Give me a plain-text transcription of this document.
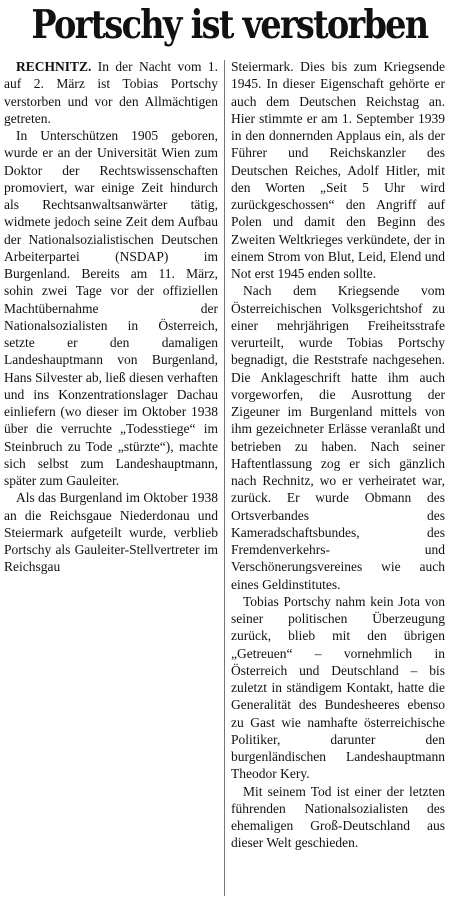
Portschy ist verstorben

RECHNITZ. In der Nacht vom 1. auf 2. März ist Tobias Portschy verstorben und vor den Allmächtigen getreten.

In Unterschützen 1905 geboren, wurde er an der Universität Wien zum Doktor der Rechtswissenschaften promoviert, war einige Zeit hindurch als Rechtsanwaltsanwärter tätig, widmete jedoch seine Zeit dem Aufbau der Nationalsozialistischen Deutschen Arbeiterpartei (NSDAP) im Burgenland. Bereits am 11. März, sohin zwei Tage vor der offiziellen Machtübernahme der Nationalsozialisten in Österreich, setzte er den damaligen Landeshauptmann von Burgenland, Hans Silvester ab, ließ diesen verhaften und ins Konzentrationslager Dachau einliefern (wo dieser im Oktober 1938 über die verruchte „Todesstiege“ im Steinbruch zu Tode „stürzte“), machte sich selbst zum Landeshauptmann, später zum Gauleiter.

Als das Burgenland im Oktober 1938 an die Reichsgaue Niederdonau und Steiermark aufgeteilt wurde, verblieb Portschy als Gauleiter-Stellvertreter im Reichsgau

Steiermark. Dies bis zum Kriegsende 1945. In dieser Eigenschaft gehörte er auch dem Deutschen Reichstag an. Hier stimmte er am 1. September 1939 in den donnernden Applaus ein, als der Führer und Reichskanzler des Deutschen Reiches, Adolf Hitler, mit den Worten „Seit 5 Uhr wird zurückgeschossen“ den Angriff auf Polen und damit den Beginn des Zweiten Weltkrieges verkündete, der in einem Strom von Blut, Leid, Elend und Not erst 1945 enden sollte.

Nach dem Kriegsende vom Österreichischen Volksgerichtshof zu einer mehrjährigen Freiheitsstrafe verurteilt, wurde Tobias Portschy begnadigt, die Reststrafe nachgesehen. Die Anklageschrift hatte ihm auch vorgeworfen, die Ausrottung der Zigeuner im Burgenland mittels von ihm gezeichneter Erlässe veranlaßt und betrieben zu haben. Nach seiner Haftentlassung zog er sich gänzlich nach Rechnitz, wo er verheiratet war, zurück. Er wurde Obmann des Ortsverbandes des Kameradschaftsbundes, des Fremdenverkehrs- und Verschönerungsvereines wie auch eines Geldinstitutes.

Tobias Portschy nahm kein Jota von seiner politischen Überzeugung zurück, blieb mit den übrigen „Getreuen“ – vornehmlich in Österreich und Deutschland – bis zuletzt in ständigem Kontakt, hatte die Generalität des Bundesheeres ebenso zu Gast wie namhafte österreichische Politiker, darunter den burgenländischen Landeshauptmann Theodor Kery.

Mit seinem Tod ist einer der letzten führenden Nationalsozialisten des ehemaligen Groß-Deutschland aus dieser Welt geschieden.
